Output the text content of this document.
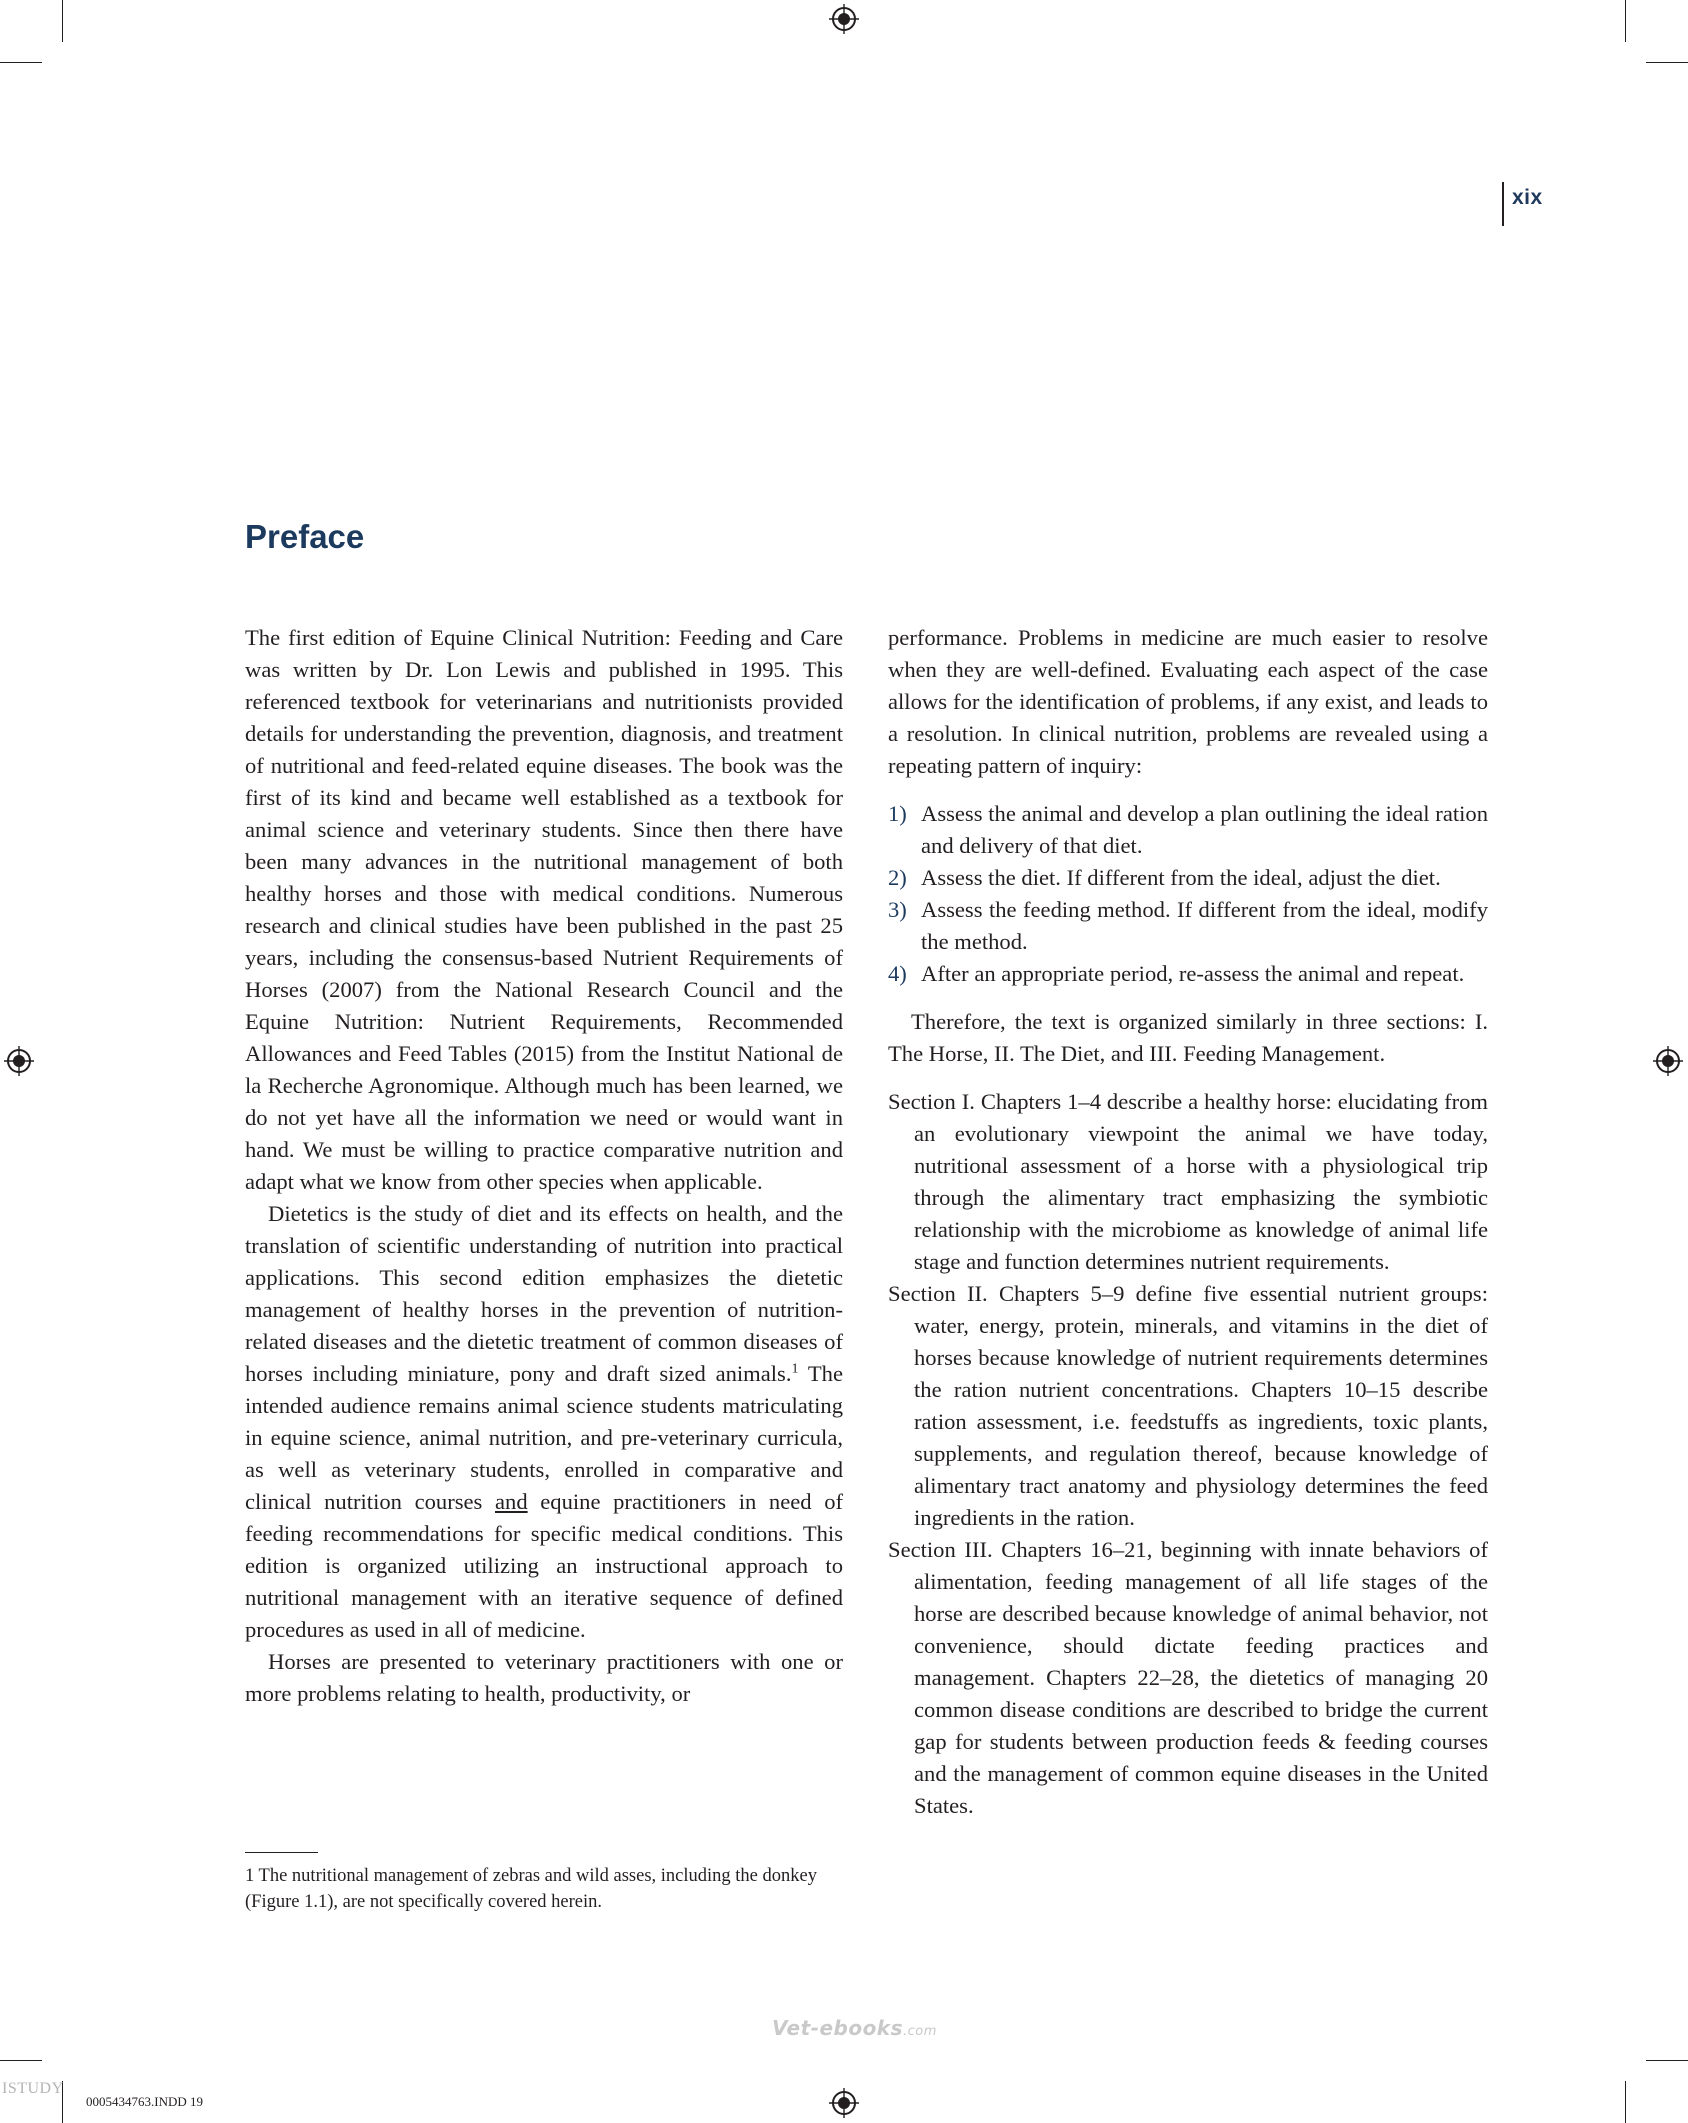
xix
Preface

The first edition of Equine Clinical Nutrition: Feeding and Care was written by Dr. Lon Lewis and published in 1995. This referenced textbook for veterinarians and nutritionists provided details for understanding the prevention, diagnosis, and treatment of nutritional and feed-related equine diseases. The book was the first of its kind and became well established as a textbook for animal science and veterinary students. Since then there have been many advances in the nutritional management of both healthy horses and those with medical conditions. Numerous research and clinical studies have been published in the past 25 years, including the consensus-based Nutrient Requirements of Horses (2007) from the National Research Council and the Equine Nutrition: Nutrient Requirements, Recommended Allowances and Feed Tables (2015) from the Institut National de la Recherche Agronomique. Although much has been learned, we do not yet have all the information we need or would want in hand. We must be willing to practice comparative nutrition and adapt what we know from other species when applicable.

Dietetics is the study of diet and its effects on health, and the translation of scientific understanding of nutrition into practical applications. This second edition emphasizes the dietetic management of healthy horses in the prevention of nutrition-related diseases and the dietetic treatment of common diseases of horses including miniature, pony and draft sized animals.$^1$ The intended audience remains animal science students matriculating in equine science, animal nutrition, and pre-veterinary curricula, as well as veterinary students, enrolled in comparative and clinical nutrition courses and equine practitioners in need of feeding recommendations for specific medical conditions. This edition is organized utilizing an instructional approach to nutritional management with an iterative sequence of defined procedures as used in all of medicine.

Horses are presented to veterinary practitioners with one or more problems relating to health, productivity, or

performance. Problems in medicine are much easier to resolve when they are well-defined. Evaluating each aspect of the case allows for the identification of problems, if any exist, and leads to a resolution. In clinical nutrition, problems are revealed using a repeating pattern of inquiry:

1) Assess the animal and develop a plan outlining the ideal ration and delivery of that diet.
2) Assess the diet. If different from the ideal, adjust the diet.
3) Assess the feeding method. If different from the ideal, modify the method.
4) After an appropriate period, re-assess the animal and repeat.

Therefore, the text is organized similarly in three sections: I. The Horse, II. The Diet, and III. Feeding Management.

Section I. Chapters 1–4 describe a healthy horse: elucidating from an evolutionary viewpoint the animal we have today, nutritional assessment of a horse with a physiological trip through the alimentary tract emphasizing the symbiotic relationship with the microbiome as knowledge of animal life stage and function determines nutrient requirements.

Section II. Chapters 5–9 define five essential nutrient groups: water, energy, protein, minerals, and vitamins in the diet of horses because knowledge of nutrient requirements determines the ration nutrient concentrations. Chapters 10–15 describe ration assessment, i.e. feedstuffs as ingredients, toxic plants, supplements, and regulation thereof, because knowledge of alimentary tract anatomy and physiology determines the feed ingredients in the ration.

Section III. Chapters 16–21, beginning with innate behaviors of alimentation, feeding management of all life stages of the horse are described because knowledge of animal behavior, not convenience, should dictate feeding practices and management. Chapters 22–28, the dietetics of managing 20 common disease conditions are described to bridge the current gap for students between production feeds & feeding courses and the management of common equine diseases in the United States.

1 The nutritional management of zebras and wild asses, including the donkey (Figure 1.1), are not specifically covered herein.
Vet-ebooks.com
0005434763.INDD 19
ISTUDY
